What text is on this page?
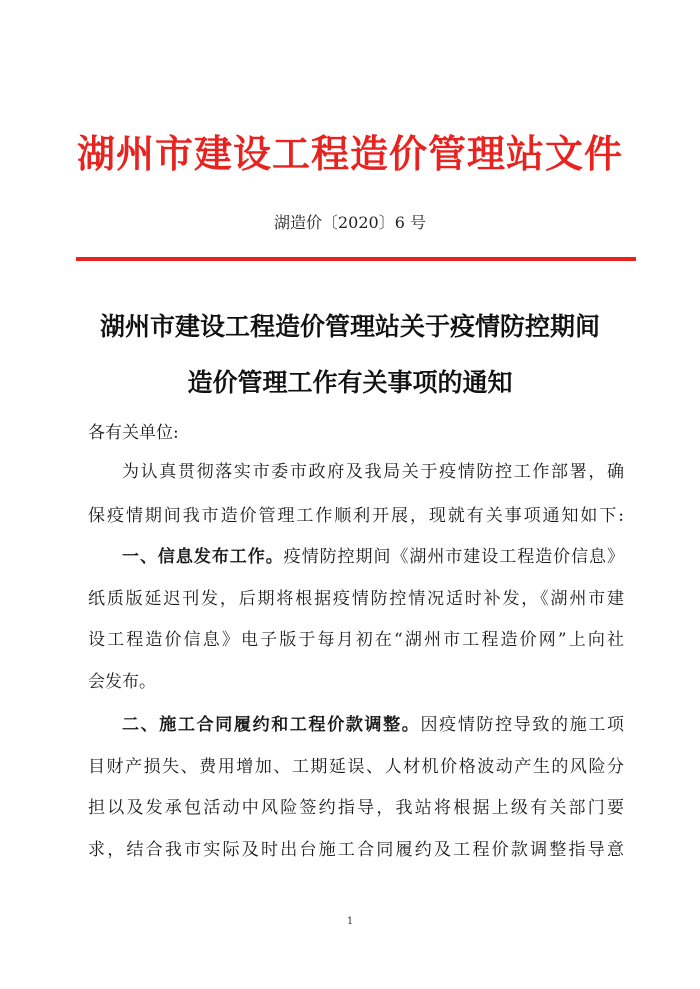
湖州市建设工程造价管理站文件
湖造价〔2020〕6 号
湖州市建设工程造价管理站关于疫情防控期间
造价管理工作有关事项的通知
各有关单位:
为认真贯彻落实市委市政府及我局关于疫情防控工作部署，确
保疫情期间我市造价管理工作顺利开展，现就有关事项通知如下:
一、信息发布工作。疫情防控期间《湖州市建设工程造价信息》
纸质版延迟刊发，后期将根据疫情防控情况适时补发，《湖州市建
设工程造价信息》电子版于每月初在“湖州市工程造价网”上向社
会发布。
二、施工合同履约和工程价款调整。因疫情防控导致的施工项
目财产损失、费用增加、工期延误、人材机价格波动产生的风险分
担以及发承包活动中风险签约指导，我站将根据上级有关部门要
求，结合我市实际及时出台施工合同履约及工程价款调整指导意
1
